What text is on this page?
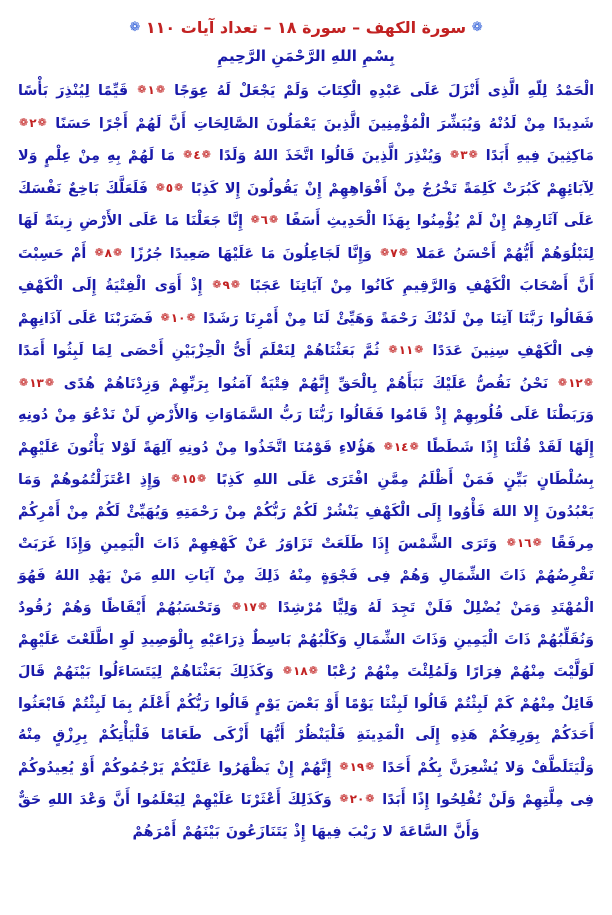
❁ سورة الكهف – سورة ١٨ – تعداد آيات ١١٠ ❁
بِسْمِ اللهِ الرَّحْمَنِ الرَّحِيمِ
الْحَمْدُ لِلّهِ الَّذِى أَنْزَلَ عَلَى عَبْدِهِ الْكِتَابَ وَلَمْ يَجْعَلْ لَهُ عِوَجًا ❁١❁ قَيِّمًا لِيُنْذِرَ بَأْسًا شَدِيدًا مِنْ لَدُنْهُ وَيُبَشِّرَ الْمُؤْمِنِينَ الَّذِينَ يَعْمَلُونَ الصَّالِحَاتِ أَنَّ لَهُمْ أَجْرًا حَسَنًا ❁٢❁ مَاكِثِينَ فِيهِ أَبَدًا ❁٣❁ وَيُنْذِرَ الَّذِينَ قَالُوا اتَّخَذَ اللهُ وَلَدًا ❁٤❁ مَا لَهُمْ بِهِ مِنْ عِلْمٍ وَلا لِآبَائِهِمْ كَبُرَتْ كَلِمَةً تَخْرُجُ مِنْ أَفْوَاهِهِمْ إِنْ يَقُولُونَ إِلا كَذِبًا ❁٥❁ فَلَعَلَّكَ بَاخِعٌ نَفْسَكَ عَلَى آثَارِهِمْ إِنْ لَمْ يُؤْمِنُوا بِهَذَا الْحَدِيثِ أَسَفًا ❁٦❁ إِنَّا جَعَلْنَا مَا عَلَى الأَرْضِ زِينَةً لَهَا لِنَبْلُوَهُمْ أَيُّهُمْ أَحْسَنُ عَمَلا ❁٧❁ وَإِنَّا لَجَاعِلُونَ مَا عَلَيْهَا صَعِيدًا جُرُزًا ❁٨❁ أَمْ حَسِبْتَ أَنَّ أَصْحَابَ الْكَهْفِ وَالرَّقِيمِ كَانُوا مِنْ آيَاتِنَا عَجَبًا ❁٩❁ إِذْ أَوَى الْفِتْيَةُ إِلَى الْكَهْفِ فَقَالُوا رَبَّنَا آتِنَا مِنْ لَدُنْكَ رَحْمَةً وَهَيِّئْ لَنَا مِنْ أَمْرِنَا رَشَدًا ❁١٠❁ فَضَرَبْنَا عَلَى آذَانِهِمْ فِى الْكَهْفِ سِنِينَ عَدَدًا ❁١١❁ ثُمَّ بَعَثْنَاهُمْ لِنَعْلَمَ أَىُّ الْحِزْبَيْنِ أَحْصَى لِمَا لَبِثُوا أَمَدًا ❁١٢❁ نَحْنُ نَقُصُّ عَلَيْكَ نَبَأَهُمْ بِالْحَقِّ إِنَّهُمْ فِتْيَةٌ آمَنُوا بِرَبِّهِمْ وَزِدْنَاهُمْ هُدًى ❁١٣❁ وَرَبَطْنَا عَلَى قُلُوبِهِمْ إِذْ قَامُوا فَقَالُوا رَبُّنَا رَبُّ السَّمَاوَاتِ وَالأَرْضِ لَنْ نَدْعُوَ مِنْ دُونِهِ إِلَهًا لَقَدْ قُلْنَا إِذًا شَطَطًا ❁١٤❁ هَؤُلاءِ قَوْمُنَا اتَّخَذُوا مِنْ دُونِهِ آلِهَةً لَوْلا يَأْتُونَ عَلَيْهِمْ بِسُلْطَانٍ بَيِّنٍ فَمَنْ أَظْلَمُ مِمَّنِ افْتَرَى عَلَى اللهِ كَذِبًا ❁١٥❁ وَإِذِ اعْتَزَلْتُمُوهُمْ وَمَا يَعْبُدُونَ إِلا اللهَ فَأْوُوا إِلَى الْكَهْفِ يَنْشُرْ لَكُمْ رَبُّكُمْ مِنْ رَحْمَتِهِ وَيُهَيِّئْ لَكُمْ مِنْ أَمْرِكُمْ مِرفَقًا ❁١٦❁ وَتَرَى الشَّمْسَ إِذَا طَلَعَتْ تَزَاوَرُ عَنْ كَهْفِهِمْ ذَاتَ الْيَمِينِ وَإِذَا غَرَبَتْ تَقْرِضُهُمْ ذَاتَ الشِّمَالِ وَهُمْ فِى فَجْوَةٍ مِنْهُ ذَلِكَ مِنْ آيَاتِ اللهِ مَنْ يَهْدِ اللهُ فَهُوَ الْمُهْتَدِ وَمَنْ يُضْلِلْ فَلَنْ تَجِدَ لَهُ وَلِيًّا مُرْشِدًا ❁١٧❁ وَتَحْسَبُهُمْ أَيْقَاظًا وَهُمْ رُقُودٌ وَنُقَلِّبُهُمْ ذَاتَ الْيَمِينِ وَذَاتَ الشِّمَالِ وَكَلْبُهُمْ بَاسِطٌ ذِرَاعَيْهِ بِالْوَصِيدِ لَوِ اطَّلَعْتَ عَلَيْهِمْ لَوَلَّيْتَ مِنْهُمْ فِرَارًا وَلَمُلِئْتَ مِنْهُمْ رُعْبًا ❁١٨❁ وَكَذَلِكَ بَعَثْنَاهُمْ لِيَتَسَاءَلُوا بَيْنَهُمْ قَالَ قَائِلٌ مِنْهُمْ كَمْ لَبِثْتُمْ قَالُوا لَبِثْنَا يَوْمًا أَوْ بَعْضَ يَوْمٍ قَالُوا رَبُّكُمْ أَعْلَمُ بِمَا لَبِثْتُمْ فَابْعَثُوا أَحَدَكُمْ بِوَرِقِكُمْ هَذِهِ إِلَى الْمَدِينَةِ فَلْيَنْظُرْ أَيُّهَا أَزْكَى طَعَامًا فَلْيَأْتِكُمْ بِرِزْقٍ مِنْهُ وَلْيَتَلَطَّفْ وَلا يُشْعِرَنَّ بِكُمْ أَحَدًا ❁١٩❁ إِنَّهُمْ إِنْ يَظْهَرُوا عَلَيْكُمْ يَرْجُمُوكُمْ أَوْ يُعِيدُوكُمْ فِى مِلَّتِهِمْ وَلَنْ تُفْلِحُوا إِذًا أَبَدًا ❁٢٠❁ وَكَذَلِكَ أَعْثَرْنَا عَلَيْهِمْ لِيَعْلَمُوا أَنَّ وَعْدَ اللهِ حَقٌّ وَأَنَّ السَّاعَةَ لا رَيْبَ فِيهَا إِذْ يَتَنَازَعُونَ بَيْنَهُمْ أَمْرَهُمْ
